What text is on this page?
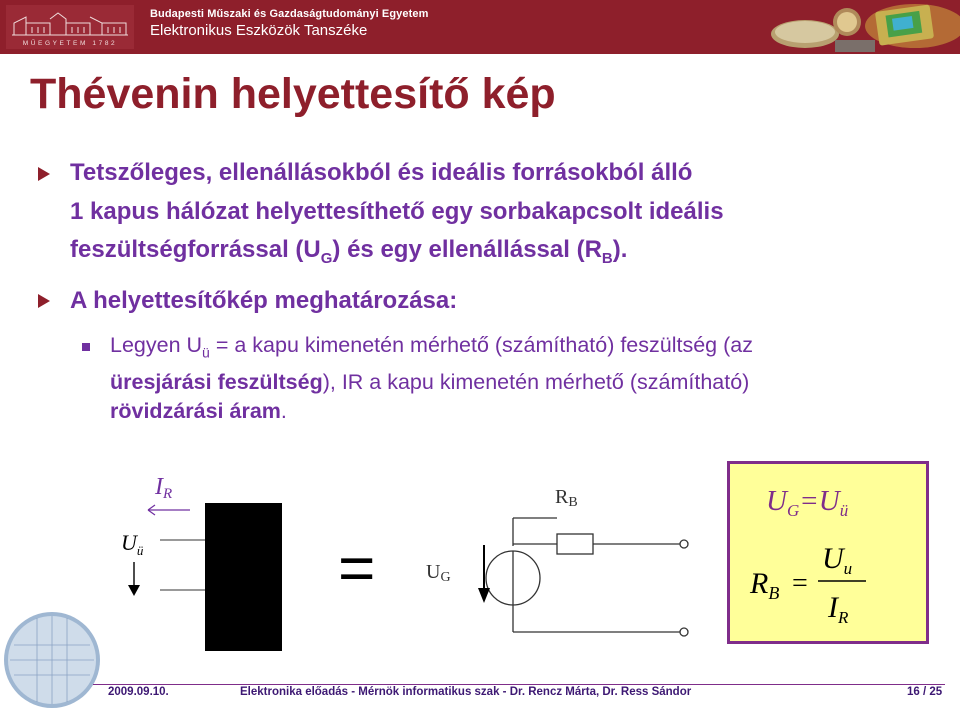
MŰEGYETEM 1782
Budapesti Műszaki és Gazdaságtudományi Egyetem
Elektronikus Eszközök Tanszéke
Thévenin helyettesítő kép
Tetszőleges, ellenállásokból és ideális forrásokból álló
1 kapus hálózat helyettesíthető egy sorbakapcsolt ideális
feszültségforrással $(U_G)$ és egy ellenállással $(R_B)$.
A helyettesítőkép meghatározása:
Legyen $U_ü = a$ kapu kimenetén mérhető (számítható) feszültség (az
üresjárási feszültség), IR a kapu kimenetén mérhető (számítható)
rövidzárási áram.
IR
$U_ü$	=	UG
RB	$U_G=U_ü$
$R_B$ =
$U_u$
$I_R$
2009.09.10.	Elektronika előadás - Mérnök informatikus szak - Dr. Rencz Márta, Dr. Ress Sándor	16 / 25
